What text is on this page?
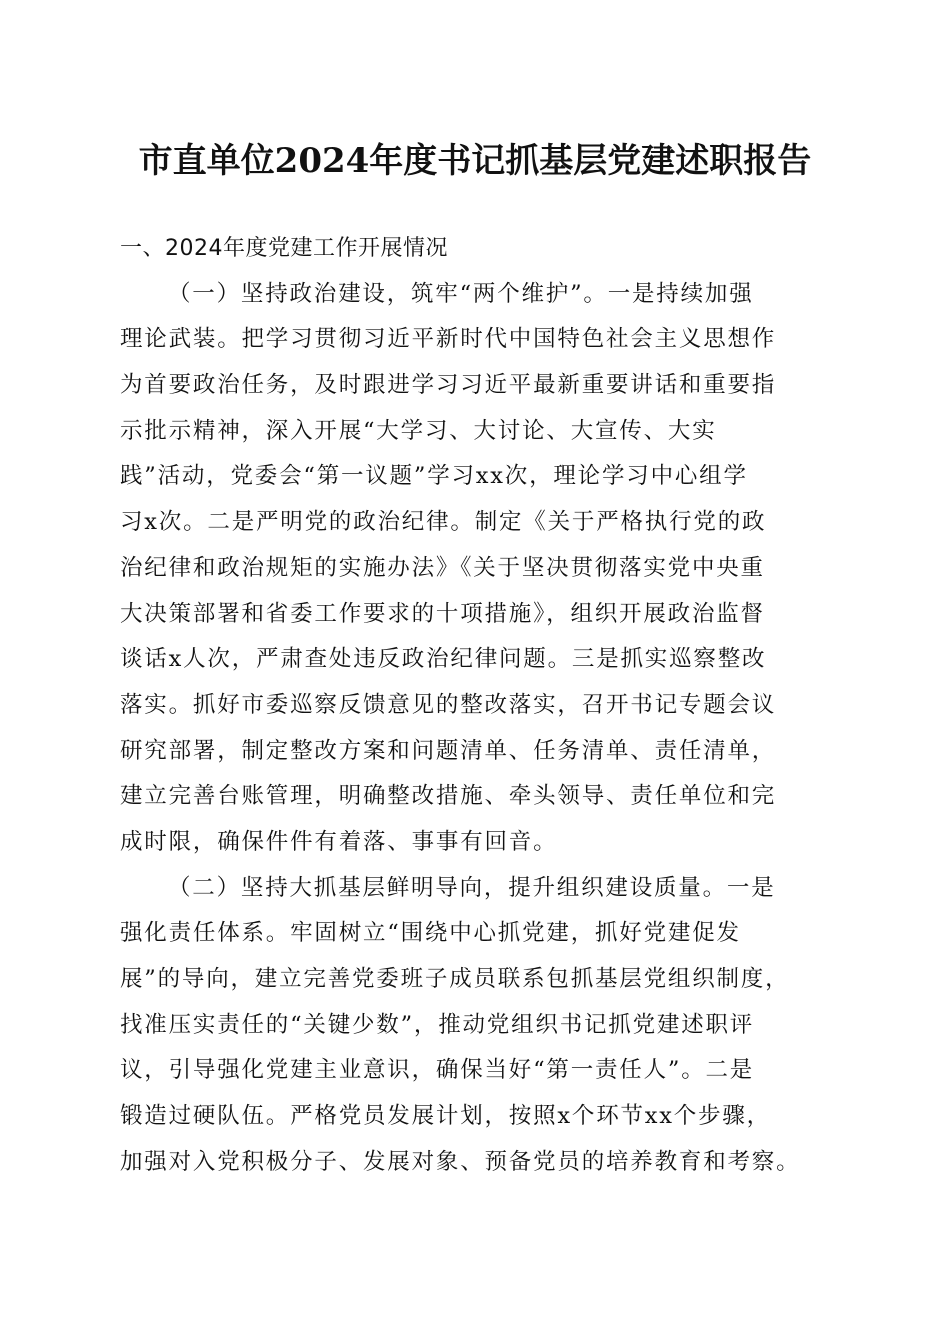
市直单位2024年度书记抓基层党建述职报告

一、2024年度党建工作开展情况

（一）坚持政治建设，筑牢“两个维护”。一是持续加强
理论武装。把学习贯彻习近平新时代中国特色社会主义思想作
为首要政治任务，及时跟进学习习近平最新重要讲话和重要指
示批示精神，深入开展“大学习、大讨论、大宣传、大实
践”活动，党委会“第一议题”学习xx次，理论学习中心组学
习x次。二是严明党的政治纪律。制定《关于严格执行党的政
治纪律和政治规矩的实施办法》《关于坚决贯彻落实党中央重
大决策部署和省委工作要求的十项措施》，组织开展政治监督
谈话x人次，严肃查处违反政治纪律问题。三是抓实巡察整改
落实。抓好市委巡察反馈意见的整改落实，召开书记专题会议
研究部署，制定整改方案和问题清单、任务清单、责任清单，
建立完善台账管理，明确整改措施、牵头领导、责任单位和完
成时限，确保件件有着落、事事有回音。
（二）坚持大抓基层鲜明导向，提升组织建设质量。一是
强化责任体系。牢固树立“围绕中心抓党建，抓好党建促发
展”的导向，建立完善党委班子成员联系包抓基层党组织制度，
找准压实责任的“关键少数”，推动党组织书记抓党建述职评
议，引导强化党建主业意识，确保当好“第一责任人”。二是
锻造过硬队伍。严格党员发展计划，按照x个环节xx个步骤，
加强对入党积极分子、发展对象、预备党员的培养教育和考察。
